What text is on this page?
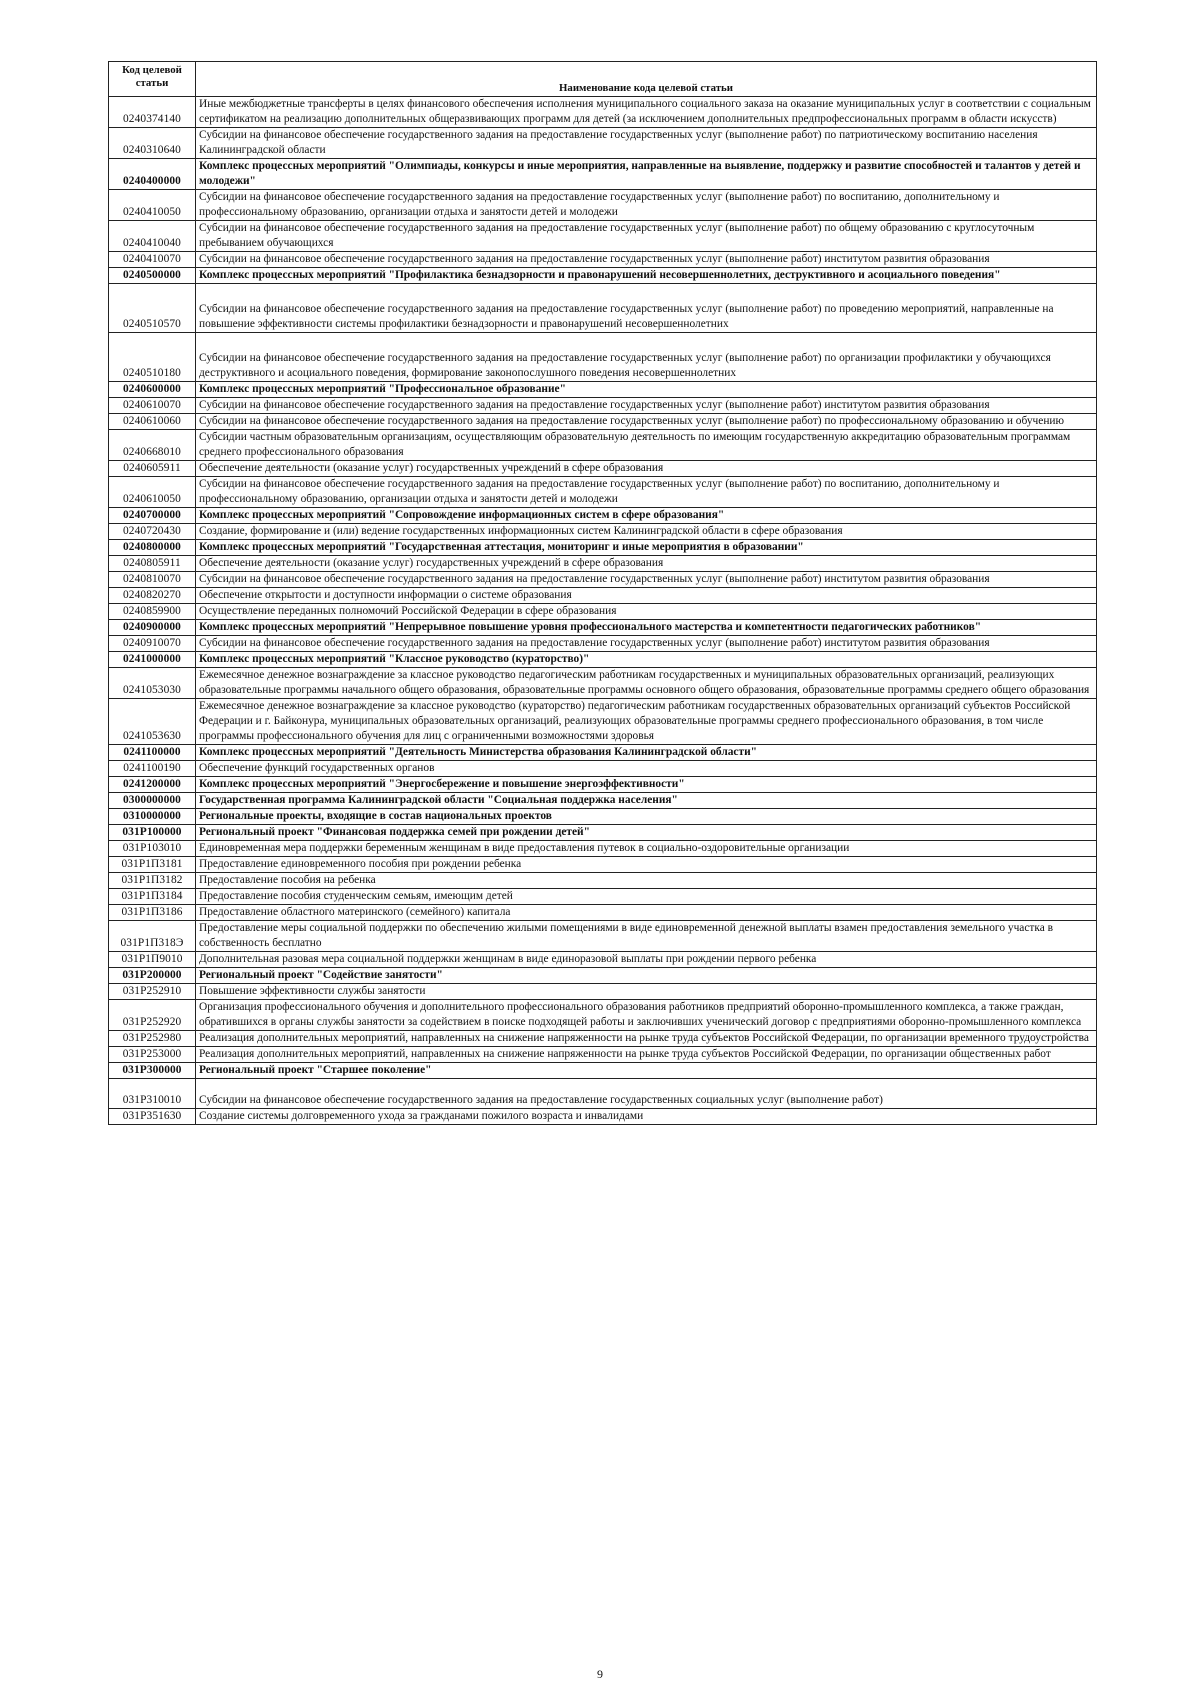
Код целевой статьи	Наименование кода целевой статьи
0240374140	Иные межбюджетные трансферты в целях финансового обеспечения исполнения муниципального социального заказа на оказание муниципальных услуг в соответствии с социальным сертификатом на реализацию дополнительных общеразвивающих программ для детей (за исключением дополнительных предпрофессиональных программ в области искусств)
0240310640	Субсидии на финансовое обеспечение государственного задания на предоставление государственных услуг (выполнение работ) по патриотическому воспитанию населения Калининградской области
0240400000	Комплекс процессных мероприятий "Олимпиады, конкурсы и иные мероприятия, направленные на выявление, поддержку и развитие способностей и талантов у детей и молодежи"
0240410050	Субсидии на финансовое обеспечение государственного задания на предоставление государственных услуг (выполнение работ) по воспитанию, дополнительному и профессиональному образованию, организации отдыха и занятости детей и молодежи
0240410040	Субсидии на финансовое обеспечение государственного задания на предоставление государственных услуг (выполнение работ) по общему образованию с круглосуточным пребыванием обучающихся
0240410070	Субсидии на финансовое обеспечение государственного задания на предоставление государственных услуг (выполнение работ) институтом развития образования
0240500000	Комплекс процессных мероприятий "Профилактика безнадзорности и правонарушений несовершеннолетних, деструктивного и асоциального поведения"
0240510570	Субсидии на финансовое обеспечение государственного задания на предоставление государственных услуг (выполнение работ) по проведению мероприятий, направленные на повышение эффективности системы профилактики безнадзорности и правонарушений несовершеннолетних
0240510180	Субсидии на финансовое обеспечение государственного задания на предоставление государственных услуг (выполнение работ) по организации профилактики у обучающихся деструктивного и асоциального поведения, формирование законопослушного поведения несовершеннолетних
0240600000	Комплекс процессных мероприятий "Профессиональное образование"
0240610070	Субсидии на финансовое обеспечение государственного задания на предоставление государственных услуг (выполнение работ) институтом развития образования
0240610060	Субсидии на финансовое обеспечение государственного задания на предоставление государственных услуг (выполнение работ) по профессиональному образованию и обучению
0240668010	Субсидии частным образовательным организациям, осуществляющим образовательную деятельность по имеющим государственную аккредитацию образовательным программам среднего профессионального образования
0240605911	Обеспечение деятельности (оказание услуг) государственных учреждений в сфере образования
0240610050	Субсидии на финансовое обеспечение государственного задания на предоставление государственных услуг (выполнение работ) по воспитанию, дополнительному и профессиональному образованию, организации отдыха и занятости детей и молодежи
0240700000	Комплекс процессных мероприятий "Сопровождение информационных систем в сфере образования"
0240720430	Создание, формирование и (или) ведение государственных информационных систем Калининградской области в сфере образования
0240800000	Комплекс процессных мероприятий "Государственная аттестация, мониторинг и иные мероприятия в образовании"
0240805911	Обеспечение деятельности (оказание услуг) государственных учреждений в сфере образования
0240810070	Субсидии на финансовое обеспечение государственного задания на предоставление государственных услуг (выполнение работ) институтом развития образования
0240820270	Обеспечение открытости и доступности информации о системе образования
0240859900	Осуществление переданных полномочий Российской Федерации в сфере образования
0240900000	Комплекс процессных мероприятий "Непрерывное повышение уровня профессионального мастерства и компетентности педагогических работников"
0240910070	Субсидии на финансовое обеспечение государственного задания на предоставление государственных услуг (выполнение работ) институтом развития образования
0241000000	Комплекс процессных мероприятий "Классное руководство (кураторство)"
0241053030	Ежемесячное денежное вознаграждение за классное руководство педагогическим работникам государственных и муниципальных образовательных организаций, реализующих образовательные программы начального общего образования, образовательные программы основного общего образования, образовательные программы среднего общего образования
0241053630	Ежемесячное денежное вознаграждение за классное руководство (кураторство) педагогическим работникам государственных образовательных организаций субъектов Российской Федерации и г. Байконура, муниципальных образовательных организаций, реализующих образовательные программы среднего профессионального образования, в том числе программы профессионального обучения для лиц с ограниченными возможностями здоровья
0241100000	Комплекс процессных мероприятий "Деятельность Министерства образования Калининградской области"
0241100190	Обеспечение функций государственных органов
0241200000	Комплекс процессных мероприятий "Энергосбережение и повышение энергоэффективности"
0300000000	Государственная программа Калининградской области "Социальная поддержка населения"
0310000000	Региональные проекты, входящие в состав национальных проектов
031Р100000	Региональный проект "Финансовая поддержка семей при рождении детей"
031Р103010	Единовременная мера поддержки беременным женщинам в виде предоставления путевок в социально-оздоровительные организации
031Р1П3181	Предоставление единовременного пособия при рождении ребенка
031Р1П3182	Предоставление пособия на ребенка
031Р1П3184	Предоставление пособия студенческим семьям, имеющим детей
031Р1П3186	Предоставление областного материнского (семейного) капитала
031Р1П318Э	Предоставление меры социальной поддержки по обеспечению жилыми помещениями в виде единовременной денежной выплаты взамен предоставления земельного участка в собственность бесплатно
031Р1П9010	Дополнительная разовая мера социальной поддержки женщинам в виде единоразовой выплаты при рождении первого ребенка
031Р200000	Региональный проект "Содействие занятости"
031Р252910	Повышение эффективности службы занятости
031Р252920	Организация профессионального обучения и дополнительного профессионального образования работников предприятий оборонно-промышленного комплекса, а также граждан, обратившихся в органы службы занятости за содействием в поиске подходящей работы и заключивших ученический договор с предприятиями оборонно-промышленного комплекса
031Р252980	Реализация дополнительных мероприятий, направленных на снижение напряженности на рынке труда субъектов Российской Федерации, по организации временного трудоустройства
031Р253000	Реализация дополнительных мероприятий, направленных на снижение напряженности на рынке труда субъектов Российской Федерации, по организации общественных работ
031Р300000	Региональный проект "Старшее поколение"
031Р310010	Субсидии на финансовое обеспечение государственного задания на предоставление государственных социальных услуг (выполнение работ)
031Р351630	Создание системы долговременного ухода за гражданами пожилого возраста и инвалидами
9
